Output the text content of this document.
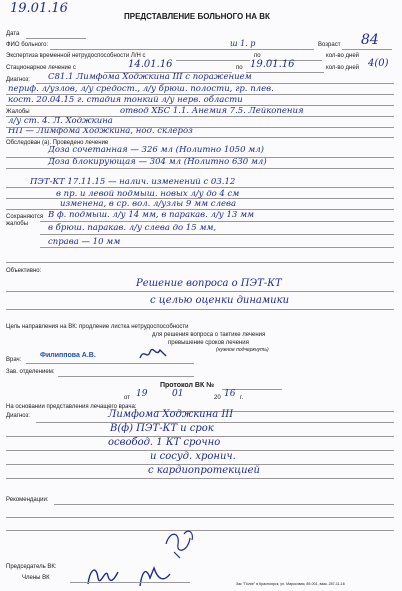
19.01.16
ПРЕДСТАВЛЕНИЕ БОЛЬНОГО НА ВК
Дата
ФИО больного:	ш 1. р	Возраст 84
Экспертиза временной нетрудоспособности Л/Н с	по	кол-во дней
Стационарное лечение с	14.01.16	по 19.01.16	кол-во дней 4(0)
Диагноз: С81.1 Лимфома Ходжкина III с поражением
периф. л/узлов, л/у средост., л/у брюш. полости, гр. плев.
кост. 20.04.15 г. стадия тонкий л/у нерв. области
отвод ХБС 1.1. Анемия 7.5. Лейкопения
л/у ст. 4. Л. Ходжкина
Жалобы
НП — Лимфома Ходжкина, нод. склероз
Обследован (а). Проведено лечение
Доза сочетанная — 326 мл (Нолитно 1050 мл)
Доза блокирующая — 304 мл (Нолитно 630 мл)
ПЭТ-КТ 17.11.15 — налич. изменений с 03.12
в пр. и левой подмыш. новых л/у до 4 см
изменена, в ср. вол. л/узлы 9 мм слева
Сохраняются жалобы
В ф. подмыш. л/у 14 мм, в паракав. л/у 13 мм
в брюш. паракав. л/у слева до 15 мм,
справа — 10 мм
Объективно:
Решение вопроса о ПЭТ-КТ
с целью оценки динамики
Цель направления на ВК: продление листка нетрудоспособности
для решения вопроса о тактике лечения
превышение сроков лечения
(нужное подчеркнуть)
Врач:
Филиппова А.В.
Зав. отделением:
Протокол ВК №
от 19	01	20 16 г.
На основании представления лечащего врача:
Диагноз:	Лимфома Ходжкина III
В(ф) ПЭТ-КТ и срок
освобод. 1 КТ срочно
и сосуд. хронич.
с кардиопротекцией
Рекомендации:
Председатель ВК:
Члены ВК
Зак "Полиг" в Красноярск, ул. Марксовая, 89-001, взак. 287-11-16
